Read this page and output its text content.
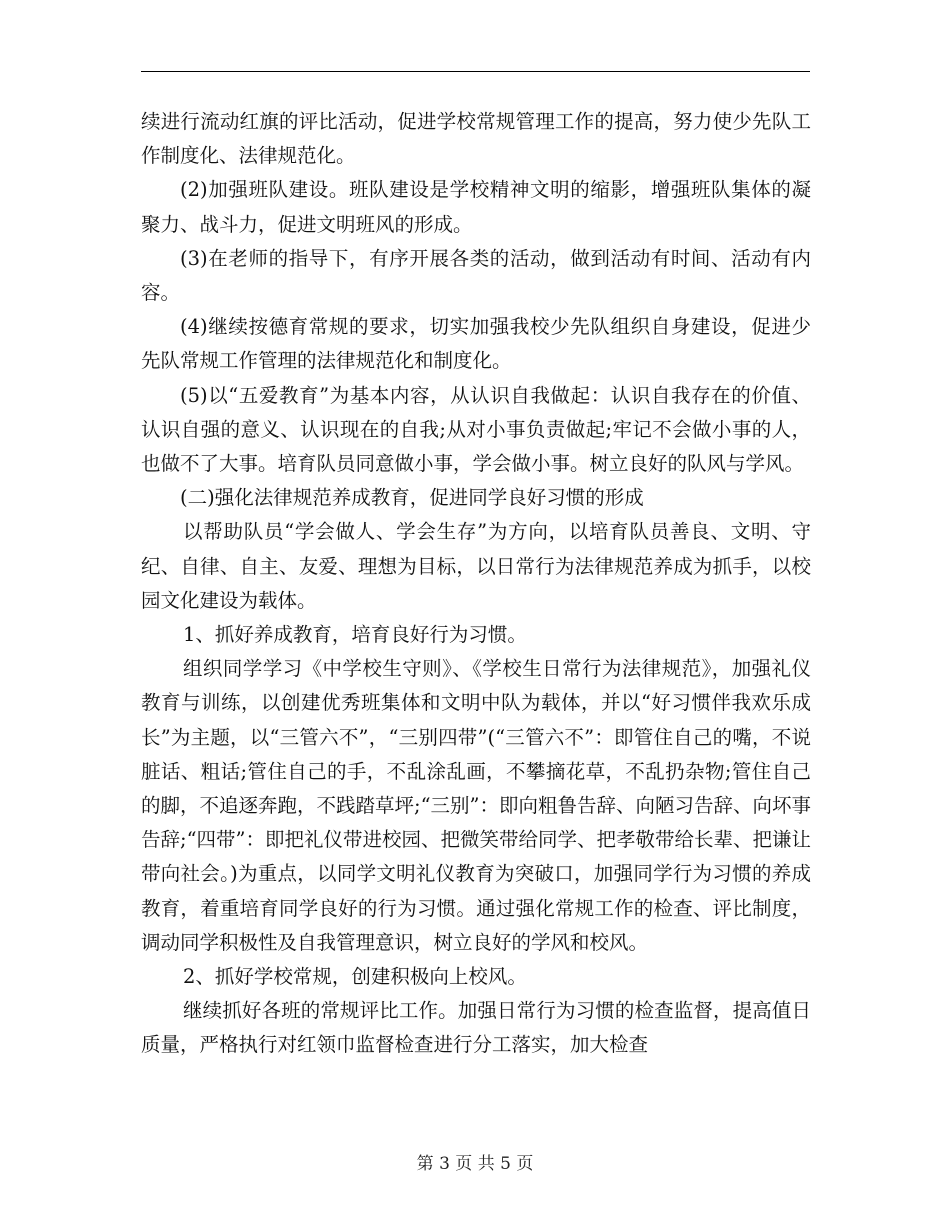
续进行流动红旗的评比活动，促进学校常规管理工作的提高，努力使少先队工作制度化、法律规范化。

(2)加强班队建设。班队建设是学校精神文明的缩影，增强班队集体的凝聚力、战斗力，促进文明班风的形成。

(3)在老师的指导下，有序开展各类的活动，做到活动有时间、活动有内容。

(4)继续按德育常规的要求，切实加强我校少先队组织自身建设，促进少先队常规工作管理的法律规范化和制度化。

(5)以“五爱教育”为基本内容，从认识自我做起：认识自我存在的价值、认识自强的意义、认识现在的自我;从对小事负责做起;牢记不会做小事的人，也做不了大事。培育队员同意做小事，学会做小事。树立良好的队风与学风。

(二)强化法律规范养成教育，促进同学良好习惯的形成

以帮助队员“学会做人、学会生存”为方向，以培育队员善良、文明、守纪、自律、自主、友爱、理想为目标，以日常行为法律规范养成为抓手，以校园文化建设为载体。

1、抓好养成教育，培育良好行为习惯。

组织同学学习《中学校生守则》、《学校生日常行为法律规范》，加强礼仪教育与训练，以创建优秀班集体和文明中队为载体，并以“好习惯伴我欢乐成长”为主题，以“三管六不”，“三别四带”(“三管六不”：即管住自己的嘴，不说脏话、粗话;管住自己的手，不乱涂乱画，不攀摘花草，不乱扔杂物;管住自己的脚，不追逐奔跑，不践踏草坪;“三别”：即向粗鲁告辞、向陋习告辞、向坏事告辞;“四带”：即把礼仪带进校园、把微笑带给同学、把孝敬带给长辈、把谦让带向社会。)为重点，以同学文明礼仪教育为突破口，加强同学行为习惯的养成教育，着重培育同学良好的行为习惯。通过强化常规工作的检查、评比制度，调动同学积极性及自我管理意识，树立良好的学风和校风。

2、抓好学校常规，创建积极向上校风。

继续抓好各班的常规评比工作。加强日常行为习惯的检查监督，提高值日质量，严格执行对红领巾监督检查进行分工落实，加大检查

第 3 页 共 5 页
